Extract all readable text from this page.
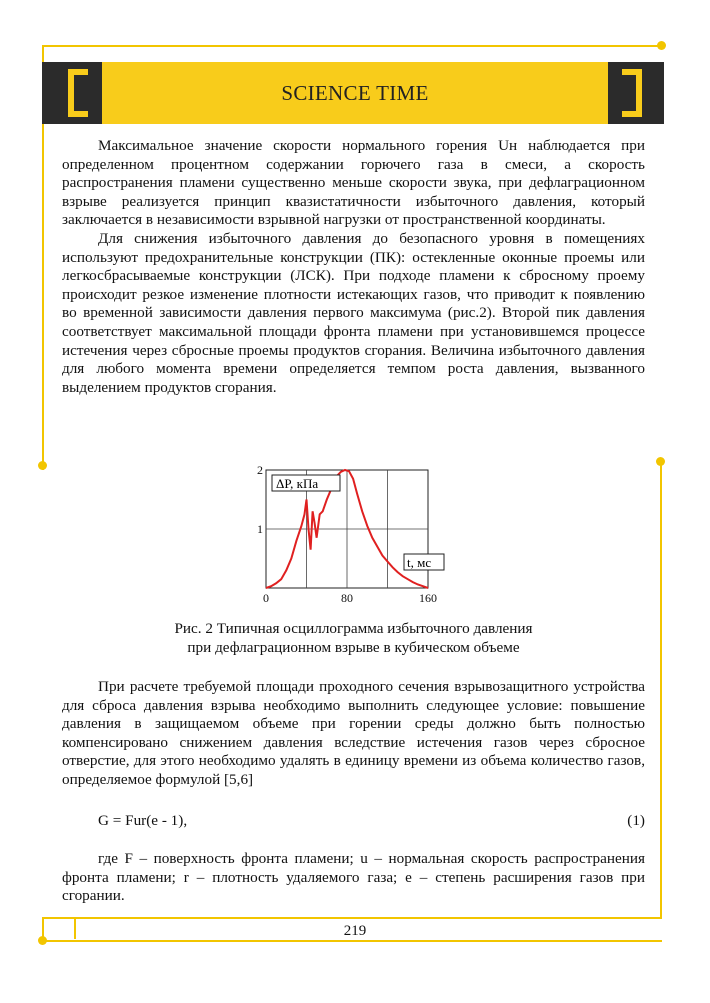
SCIENCE TIME

Максимальное значение скорости нормального горения Uн наблюдается при определенном процентном содержании горючего газа в смеси, а скорость распространения пламени существенно меньше скорости звука, при дефлаграционном взрыве реализуется принцип квазистатичности избыточного давления, который заключается в независимости взрывной нагрузки от пространственной координаты.

Для снижения избыточного давления до безопасного уровня в помещениях используют предохранительные конструкции (ПК): остекленные оконные проемы или легкосбрасываемые конструкции (ЛСК). При подходе пламени к сбросному проему происходит резкое изменение плотности истекающих газов, что приводит к появлению во временной зависимости давления первого максимума (рис.2). Второй пик давления соответствует максимальной площади фронта пламени при установившемся процессе истечения через сбросные проемы продуктов сгорания. Величина избыточного давления для любого момента времени определяется темпом роста давления, вызванного выделением продуктов сгорания.

0	80	160
2
1
ΔP, кПа
t, мс
Рис. 2 Типичная осциллограмма избыточного давления
при дефлаграционном взрыве в кубическом объеме

При расчете требуемой площади проходного сечения взрывозащитного устройства для сброса давления взрыва необходимо выполнить следующее условие: повышение давления в защищаемом объеме при горении среды должно быть полностью компенсировано снижением давления вследствие истечения газов через сбросное отверстие, для этого необходимо удалять в единицу времени из объема количество газов, определяемое формулой [5,6]

G = Fur(e - 1),	(1)

где F – поверхность фронта пламени; u – нормальная скорость распространения фронта пламени; r – плотность удаляемого газа; e – степень расширения газов при сгорании.

219
